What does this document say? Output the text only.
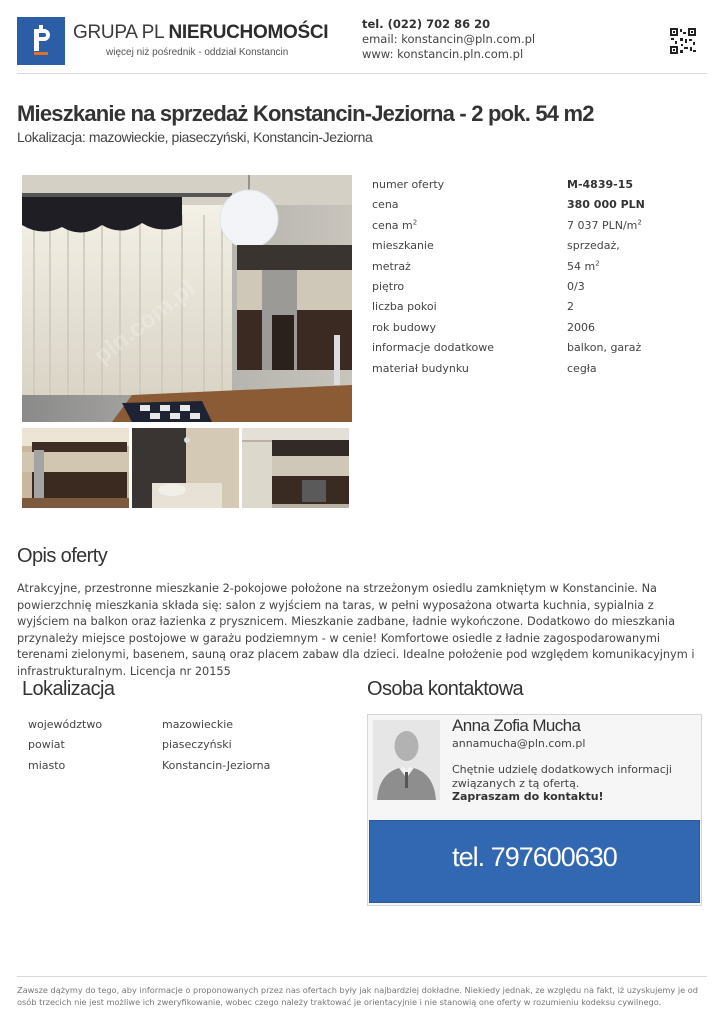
GRUPA PL NIERUCHOMOŚCI
więcej niż pośrednik - oddział Konstancin
tel. (022) 702 86 20
email: konstancin@pln.com.pl
www: konstancin.pln.com.pl
Mieszkanie na sprzedaż Konstancin-Jeziorna - 2 pok. 54 m2
Lokalizacja: mazowieckie, piaseczyński, Konstancin-Jeziorna
pln.com.pl
numer oferty	M-4839-15
cena	380 000 PLN
cena $m^2$	7 037 PLN/$m^2$
mieszkanie	sprzedaż,
metraż	54 $m^2$
piętro	0/3
liczba pokoi	2
rok budowy	2006
informacje dodatkowe	balkon, garaż
materiał budynku	cegła
Opis oferty
Atrakcyjne, przestronne mieszkanie 2-pokojowe położone na strzeżonym osiedlu zamkniętym w Konstancinie. Na powierzchnię mieszkania składa się: salon z wyjściem na taras, w pełni wyposażona otwarta kuchnia, sypialnia z wyjściem na balkon oraz łazienka z prysznicem. Mieszkanie zadbane, ładnie wykończone. Dodatkowo do mieszkania przynależy miejsce postojowe w garażu podziemnym - w cenie! Komfortowe osiedle z ładnie zagospodarowanymi terenami zielonymi, basenem, sauną oraz placem zabaw dla dzieci. Idealne położenie pod względem komunikacyjnym i infrastrukturalnym. Licencja nr 20155
Lokalizacja
województwo	mazowieckie
powiat	piaseczyński
miasto	Konstancin-Jeziorna
Osoba kontaktowa
Anna Zofia Mucha
annamucha@pln.com.pl
Chętnie udzielę dodatkowych informacji związanych z tą ofertą.
Zapraszam do kontaktu!
tel. 797600630
Zawsze dążymy do tego, aby informacje o proponowanych przez nas ofertach były jak najbardziej dokładne. Niekiedy jednak, ze względu na fakt, iż uzyskujemy je od osób trzecich nie jest możliwe ich zweryfikowanie, wobec czego należy traktować je orientacyjnie i nie stanowią one oferty w rozumieniu kodeksu cywilnego.
